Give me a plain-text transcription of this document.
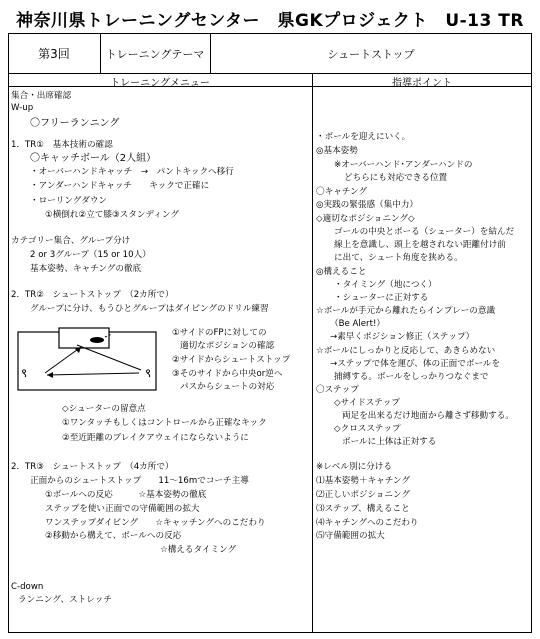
神奈川県トレーニングセンター　県GKプロジェクト　U-13 TR
第3回	トレーニングテーマ	シュートストップ
トレーニングメニュー	指導ポイント
集合・出席確認
W-up
〇フリーランニング
1．TR①　基本技術の確認
〇キャッチボール（2人組）
・オーバーハンドキャッチ　→　パントキックへ移行
・アンダーハンドキャッチ　　キックで正確に
・ローリングダウン
①横倒れ②立て膝③スタンディング
カテゴリー集合、グループ分け
2 or 3グループ（15 or 10人）
基本姿勢、キャチングの徹底
2．TR②　シュートストップ　（2カ所で）
グループに分け、もうひとグループはダイビングのドリル練習
९	९
①サイドのFPに対しての
適切なポジションの確認
②サイドからシュートストップ
③そのサイドから中央or逆へ
パスからシュートの対応
◇シューターの留意点
①ワンタッチもしくはコントロールから正確なキック
②至近距離のブレイクアウェイにならないように
2．TR③　シュートストップ　（4カ所で）
正面からのシュートストップ　　11～16mでコーチ主導
①ボールへの反応　　　☆基本姿勢の徹底
ステップを使い正面での守備範囲の拡大
ワンステップダイビング　　☆キャッチングへのこだわり
②移動から構えて、ボールへの反応
☆構えるタイミング
C-down
ランニング、ストレッチ
・ボールを迎えにいく。
◎基本姿勢
※オーバーハンド･アンダーハンドの
どちらにも対応できる位置
〇キャチング
◎実践の緊張感（集中力）
◇適切なポジショニング◇
ゴールの中央とボーる（シューター）を結んだ
線上を意識し、頭上を越されない距離付け前
に出て、シュート角度を狭める。
◎構えること
・タイミング（地につく）
・シューターに正対する
☆ボールが手元から離れたらインプレーの意識
（Be Alert!）
→素早くポジション修正（ステップ）
☆ボールにしっかりと反応して、あきらめない
→ステップで体を運び、体の正面でボールを
捕縛する。ボールをしっかりつなぐまで
〇ステップ
◇サイドステップ
両足を出来るだけ地面から離さず移動する。
◇クロスステップ
ボールに上体は正対する
※レベル別に分ける
⑴基本姿勢＋キャチング
⑵正しいポジショニング
⑶ステップ、構えること
⑷キャチングへのこだわり
⑸守備範囲の拡大
